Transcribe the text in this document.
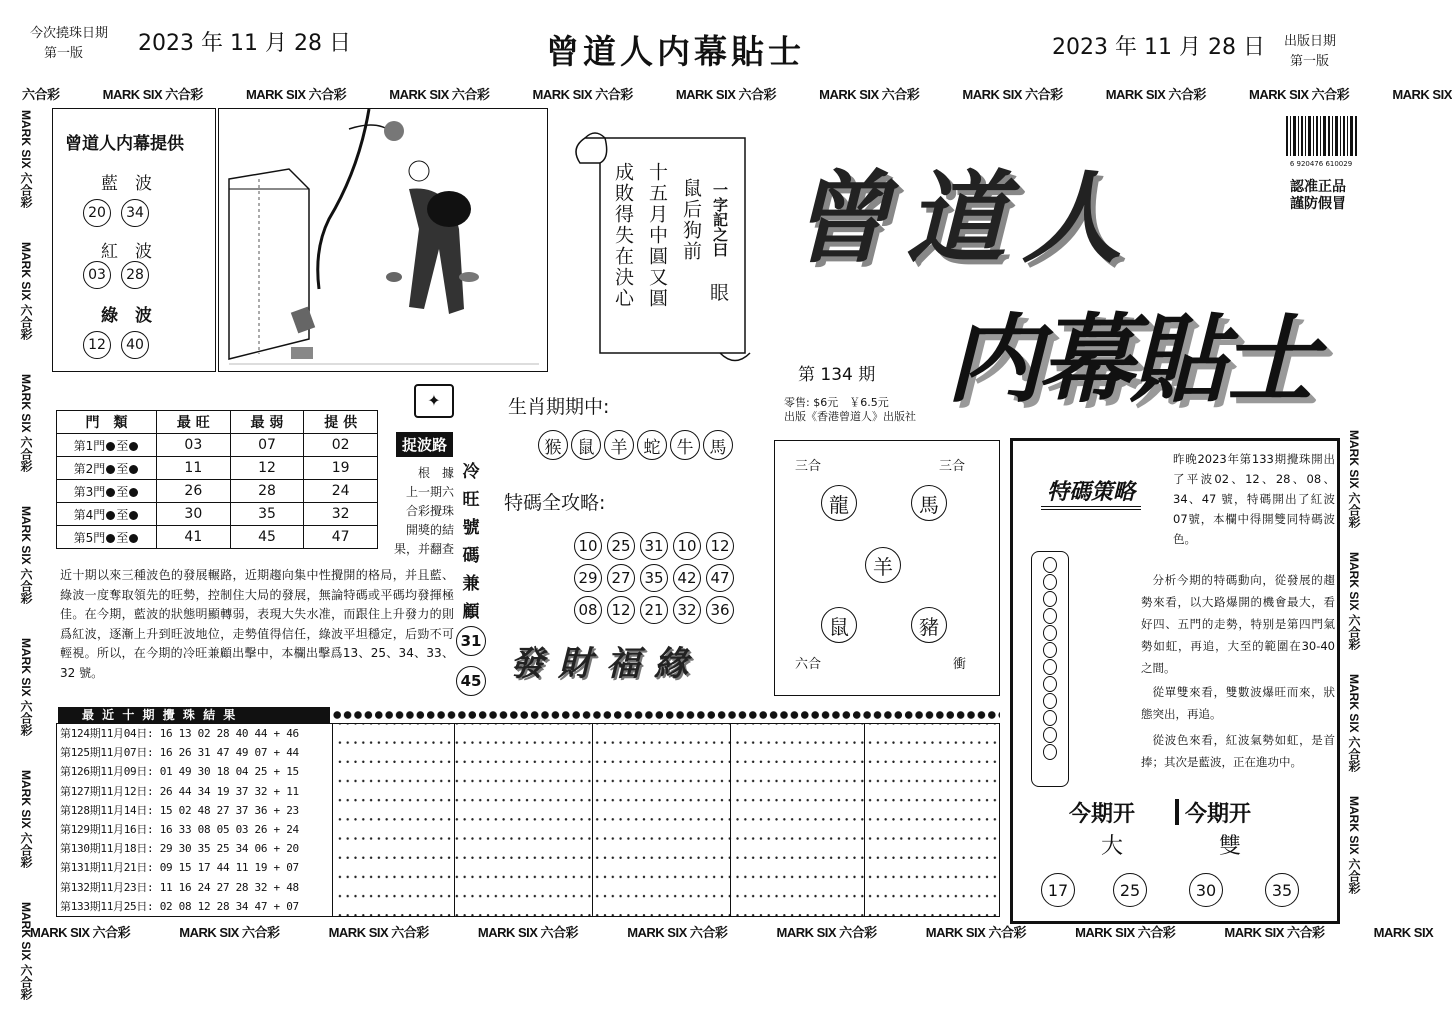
今次撓珠日期
第一版 2023 年 11 月 28 日	曾道人内幕貼士	2023 年 11 月 28 日 出版日期
第一版
六合彩	MARK SIX 六合彩	MARK SIX 六合彩	MARK SIX 六合彩	MARK SIX 六合彩	MARK SIX 六合彩	MARK SIX 六合彩	MARK SIX 六合彩	MARK SIX 六合彩	MARK SIX 六合彩	MARK SIX
MARK SIX 六合彩
MARK SIX 六合彩
MARK SIX 六合彩
MARK SIX 六合彩
MARK SIX 六合彩
MARK SIX 六合彩
MARK SIX 六合彩
MARK SIX 六合彩
MARK SIX 六合彩
MARK SIX 六合彩
MARK SIX 六合彩
MARK SIX 六合彩	MARK SIX 六合彩	MARK SIX 六合彩	MARK SIX 六合彩	MARK SIX 六合彩	MARK SIX 六合彩	MARK SIX 六合彩	MARK SIX 六合彩	MARK SIX 六合彩	MARK SIX
曾道人内幕提供
藍　波
20 34
紅　波
03 28
綠　波
12 40
成敗得失在決心 十五月中圓又圓 鼠后狗前 一字記之曰
眼
6 920476 610029
認准正品
謹防假冒
曾道人
内幕貼士
第 134 期
零售: $6元　￥6.5元
出版《香港曾道人》出版社
門　類	最 旺	最 弱	提 供
第1門 至	03	07	02
第2門 至	11	12	19
第3門 至	26	28	24
第4門 至	30	35	32
第5門 至	41	45	47
✦
捉波路
根　據
上一期六
合彩攪珠
開獎的結
果，并翻查
近十期以來三種波色的發展輾路，近期趨向集中性攪開的格局，并且藍、綠波一度奪取領先的旺勢，控制住大局的發展，無論特碼或平碼均發揮極佳。在今期，藍波的狀態明顯轉弱，表現大失水准，而跟住上升發力的則爲紅波，逐漸上升到旺波地位，走勢值得信任，綠波平坦穩定，后勁不可輕視。所以，在今期的冷旺兼顧出擊中，本欄出擊爲13、25、34、33、32 號。
冷
旺
號
碼
兼
顧
31
45
生肖期期中:
猴 鼠 羊 蛇 牛 馬
特碼全攻略:
10 25 31 10 12
29 27 35 42 47
08 12 21 32 36
發財福緣
三合	三合
龍	馬
羊
鼠	豬
六合	衝
特碼策略
昨晚2023年第133期攪珠開出了平波02、12、28、08、34、47 號，特碼開出了紅波 07號，本欄中得開雙同特碼波色。
分析今期的特碼動向，從發展的趨勢來看，以大路爆開的機會最大，看好四、五門的走勢，特别是第四門氣勢如虹，再追，大至的範圍在30-40之間。
從單雙來看，雙數波爆旺而來，狀態突出，再追。
從波色來看，紅波氣勢如虹，是首捧；其次是藍波，正在進功中。
今期开 今期开
大	雙
17	25	30	35
最 近 十 期 攪 珠 結 果
第124期11月04日: 16 13 02 28 40 44 + 46
第125期11月07日: 16 26 31 47 49 07 + 44
第126期11月09日: 01 49 30 18 04 25 + 15
第127期11月12日: 26 44 34 19 37 32 + 11
第128期11月14日: 15 02 48 27 37 36 + 23
第129期11月16日: 16 33 08 05 03 26 + 24
第130期11月18日: 29 30 35 25 34 06 + 20
第131期11月21日: 09 15 17 44 11 19 + 07
第132期11月23日: 11 16 24 27 28 32 + 48
第133期11月25日: 02 08 12 28 34 47 + 07
